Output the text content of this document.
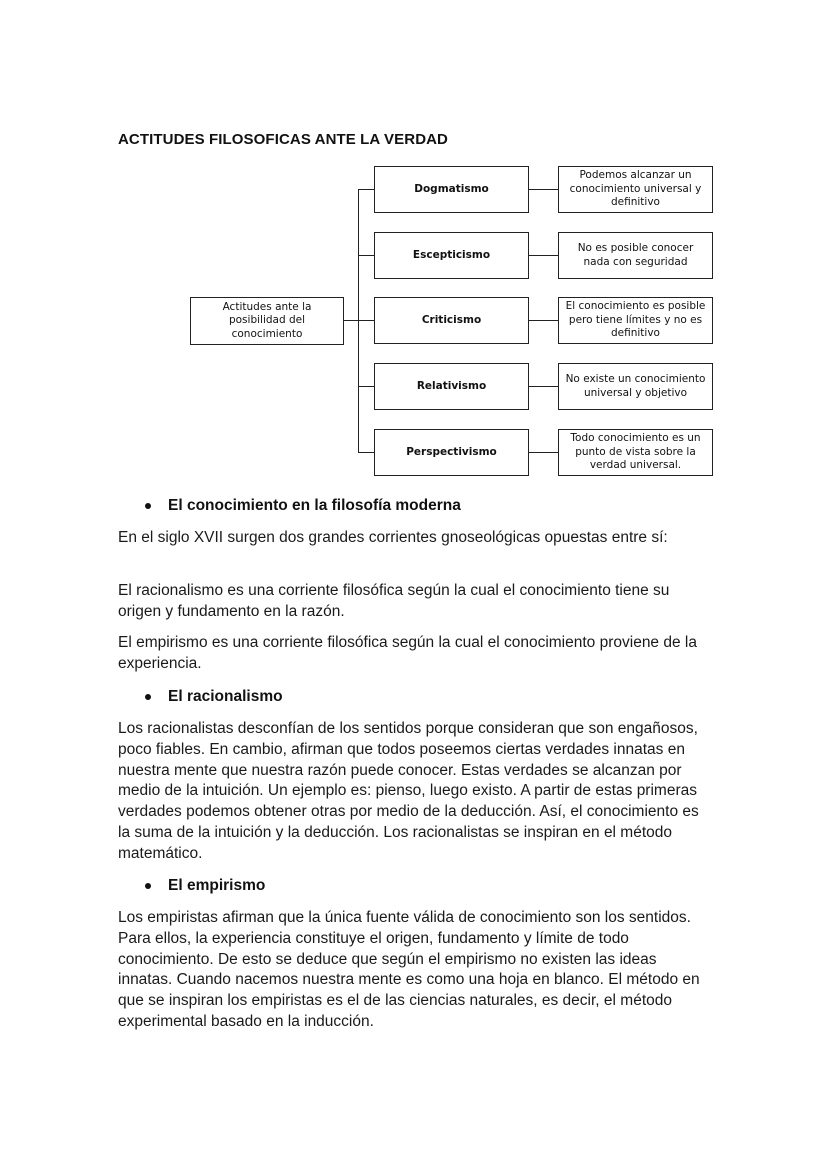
ACTITUDES FILOSOFICAS ANTE LA VERDAD
Actitudes ante la posibilidad del conocimiento
Dogmatismo
Escepticismo
Criticismo
Relativismo
Perspectivismo
Podemos alcanzar un conocimiento universal y definitivo
No es posible conocer nada con seguridad
El conocimiento es posible pero tiene límites y no es definitivo
No existe un conocimiento universal y objetivo
Todo conocimiento es un punto de vista sobre la verdad universal.
El conocimiento en la filosofía moderna

En el siglo XVII surgen dos grandes corrientes gnoseológicas opuestas entre sí:

El racionalismo es una corriente filosófica según la cual el conocimiento tiene su origen y fundamento en la razón.

El empirismo es una corriente filosófica según la cual el conocimiento proviene de la experiencia.

El racionalismo

Los racionalistas desconfían de los sentidos porque consideran que son engañosos, poco fiables. En cambio, afirman que todos poseemos ciertas verdades innatas en nuestra mente que nuestra razón puede conocer. Estas verdades se alcanzan por medio de la intuición. Un ejemplo es: pienso, luego existo. A partir de estas primeras verdades podemos obtener otras por medio de la deducción. Así, el conocimiento es la suma de la intuición y la deducción. Los racionalistas se inspiran en el método matemático.

El empirismo

Los empiristas afirman que la única fuente válida de conocimiento son los sentidos. Para ellos, la experiencia constituye el origen, fundamento y límite de todo conocimiento. De esto se deduce que según el empirismo no existen las ideas innatas. Cuando nacemos nuestra mente es como una hoja en blanco. El método en que se inspiran los empiristas es el de las ciencias naturales, es decir, el método experimental basado en la inducción.
